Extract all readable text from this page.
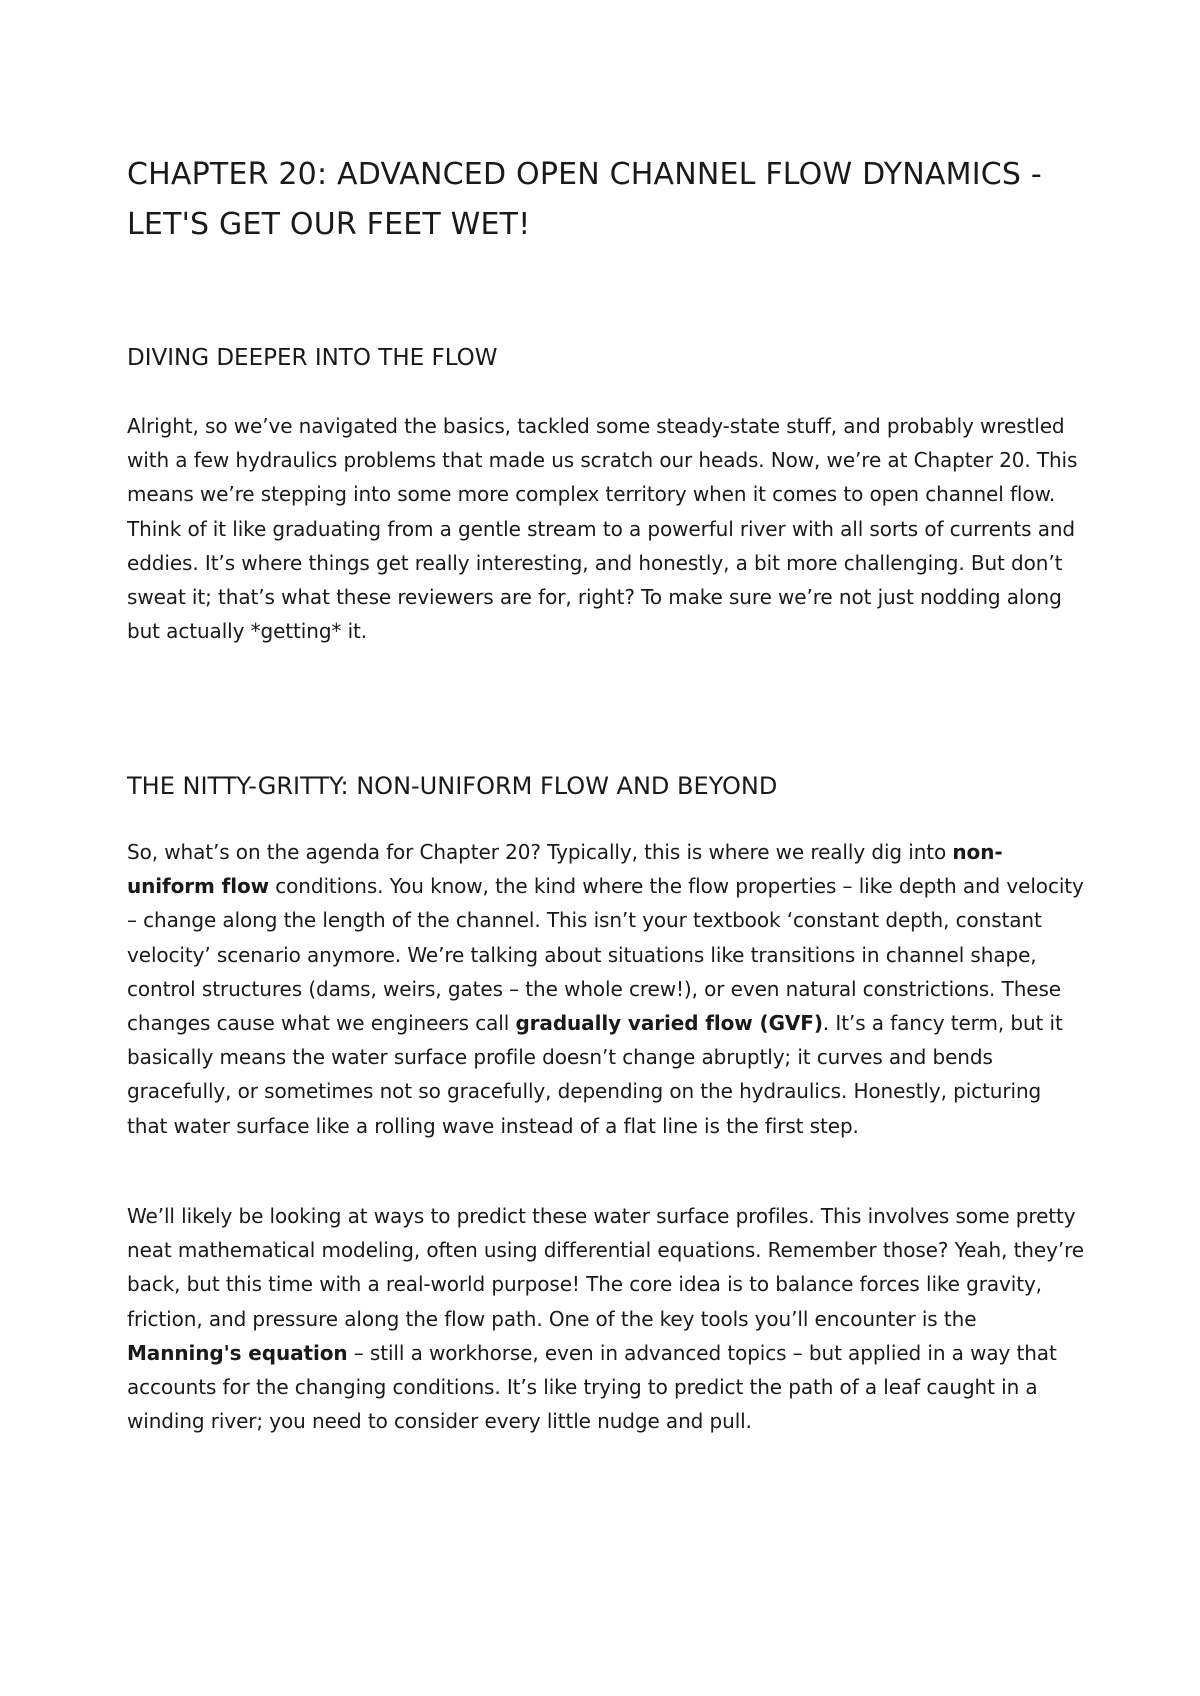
CHAPTER 20: ADVANCED OPEN CHANNEL FLOW DYNAMICS - LET'S GET OUR FEET WET!
DIVING DEEPER INTO THE FLOW

Alright, so we’ve navigated the basics, tackled some steady-state stuff, and probably wrestled with a few hydraulics problems that made us scratch our heads. Now, we’re at Chapter 20. This means we’re stepping into some more complex territory when it comes to open channel flow. Think of it like graduating from a gentle stream to a powerful river with all sorts of currents and eddies. It’s where things get really interesting, and honestly, a bit more challenging. But don’t sweat it; that’s what these reviewers are for, right? To make sure we’re not just nodding along but actually *getting* it.

THE NITTY-GRITTY: NON-UNIFORM FLOW AND BEYOND

So, what’s on the agenda for Chapter 20? Typically, this is where we really dig into non-uniform flow conditions. You know, the kind where the flow properties – like depth and velocity – change along the length of the channel. This isn’t your textbook ‘constant depth, constant velocity’ scenario anymore. We’re talking about situations like transitions in channel shape, control structures (dams, weirs, gates – the whole crew!), or even natural constrictions. These changes cause what we engineers call gradually varied flow (GVF). It’s a fancy term, but it basically means the water surface profile doesn’t change abruptly; it curves and bends gracefully, or sometimes not so gracefully, depending on the hydraulics. Honestly, picturing that water surface like a rolling wave instead of a flat line is the first step.

We’ll likely be looking at ways to predict these water surface profiles. This involves some pretty neat mathematical modeling, often using differential equations. Remember those? Yeah, they’re back, but this time with a real-world purpose! The core idea is to balance forces like gravity, friction, and pressure along the flow path. One of the key tools you’ll encounter is the Manning's equation – still a workhorse, even in advanced topics – but applied in a way that accounts for the changing conditions. It’s like trying to predict the path of a leaf caught in a winding river; you need to consider every little nudge and pull.
